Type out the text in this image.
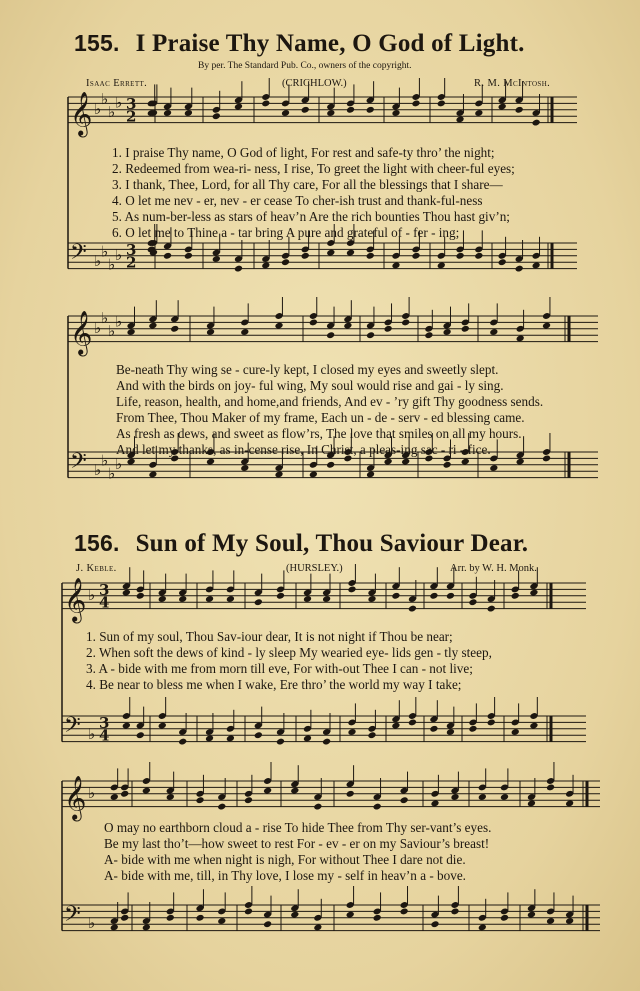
155. I Praise Thy Name, O God of Light.
By per. The Standard Pub. Co., owners of the copyright.
Isaac Errett.	(CRICHLOW.)	R. M. McIntosh.
𝄞 ♭
♭
♭
♭ 3
2
𝄢 ♭
♭
♭
♭ 3
2
1. I praise Thy name, O God of light, For rest and safe-ty thro’ the night;
2. Redeemed from wea-ri- ness, I rise, To greet the light with cheer-ful eyes;
3. I thank, Thee, Lord, for all Thy care, For all the blessings that I share—
4. O let me nev - er, nev - er cease To cher-ish trust and thank-ful-ness
5. As num-ber-less as stars of heav’n Are the rich bounties Thou hast giv’n;
6. O let me to Thine a - tar bring A pure and grateful of - fer - ing;
𝄞 ♭
♭
♭
♭
𝄢 ♭
♭
♭
♭
Be-neath Thy wing se - cure-ly kept, I closed my eyes and sweetly slept.
And with the birds on joy- ful wing, My soul would rise and gai - ly sing.
Life, reason, health, and home,and friends, And ev - ’ry gift Thy goodness sends.
From Thee, Thou Maker of my frame, Each un - de - serv - ed blessing came.
As fresh as dews, and sweet as flow’rs, The love that smiles on all my hours.
And let my thanks, as in-cense rise, In Christ, a pleas-ing sac - ri - fice.
156. Sun of My Soul, Thou Saviour Dear.
J. Keble.	(HURSLEY.)	Arr. by W. H. Monk.
𝄞 ♭ 3
4
𝄢 ♭
3
4
1. Sun of my soul, Thou Sav-iour dear, It is not night if Thou be near;
2. When soft the dews of kind - ly sleep My wearied eye- lids gen - tly steep,
3. A - bide with me from morn till eve, For with-out Thee I can - not live;
4. Be near to bless me when I wake, Ere thro’ the world my way I take;
𝄞 ♭
𝄢 ♭
O may no earthborn cloud a - rise To hide Thee from Thy ser-vant’s eyes.
Be my last tho’t—how sweet to rest For - ev - er on my Saviour’s breast!
A- bide with me when night is nigh, For without Thee I dare not die.
A- bide with me, till, in Thy love, I lose my - self in heav’n a - bove.
